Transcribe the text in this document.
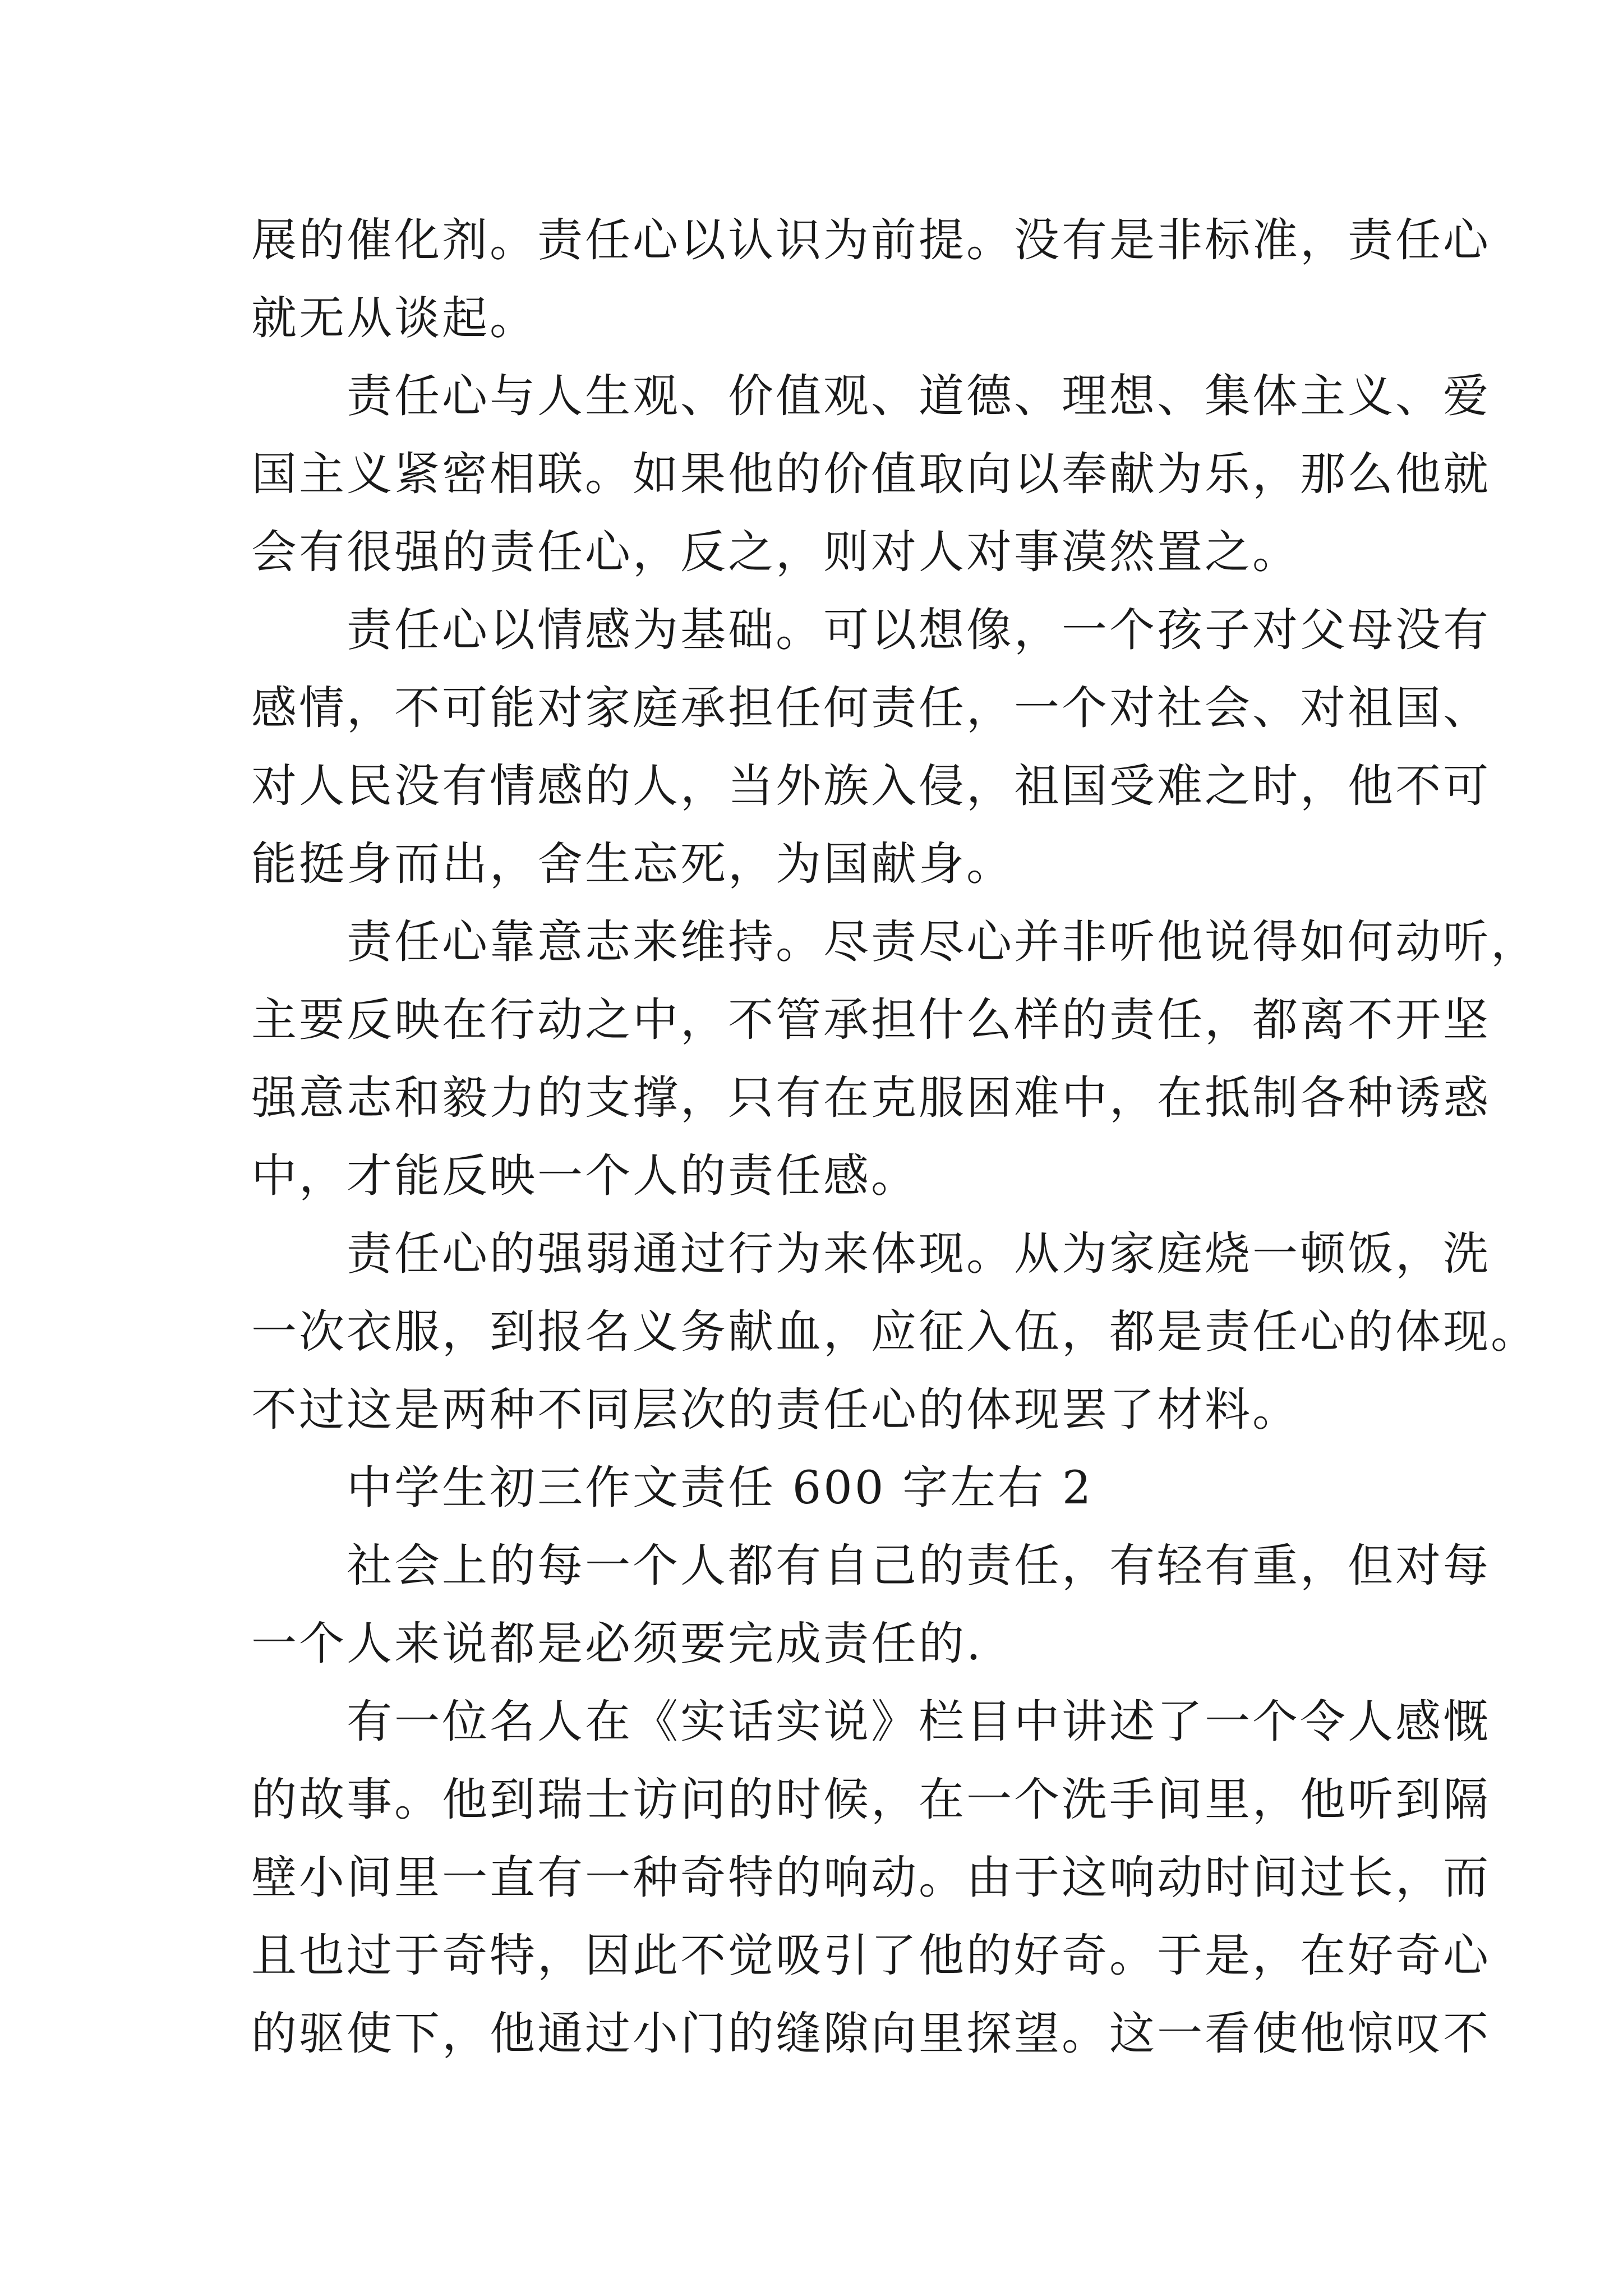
展的催化剂。责任心以认识为前提。没有是非标准，责任心
就无从谈起。
责任心与人生观、价值观、道德、理想、集体主义、爱
国主义紧密相联。如果他的价值取向以奉献为乐，那么他就
会有很强的责任心，反之，则对人对事漠然置之。
责任心以情感为基础。可以想像，一个孩子对父母没有
感情，不可能对家庭承担任何责任，一个对社会、对祖国、
对人民没有情感的人，当外族入侵，祖国受难之时，他不可
能挺身而出，舍生忘死，为国献身。
责任心靠意志来维持。尽责尽心并非听他说得如何动听，
主要反映在行动之中，不管承担什么样的责任，都离不开坚
强意志和毅力的支撑，只有在克服困难中，在抵制各种诱惑
中，才能反映一个人的责任感。
责任心的强弱通过行为来体现。从为家庭烧一顿饭，洗
一次衣服，到报名义务献血，应征入伍，都是责任心的体现。
不过这是两种不同层次的责任心的体现罢了材料。
中学生初三作文责任 600 字左右 2
社会上的每一个人都有自己的责任，有轻有重，但对每
一个人来说都是必须要完成责任的.
有一位名人在《实话实说》栏目中讲述了一个令人感慨
的故事。他到瑞士访问的时候，在一个洗手间里，他听到隔
壁小间里一直有一种奇特的响动。由于这响动时间过长，而
且也过于奇特，因此不觉吸引了他的好奇。于是，在好奇心
的驱使下，他通过小门的缝隙向里探望。这一看使他惊叹不
